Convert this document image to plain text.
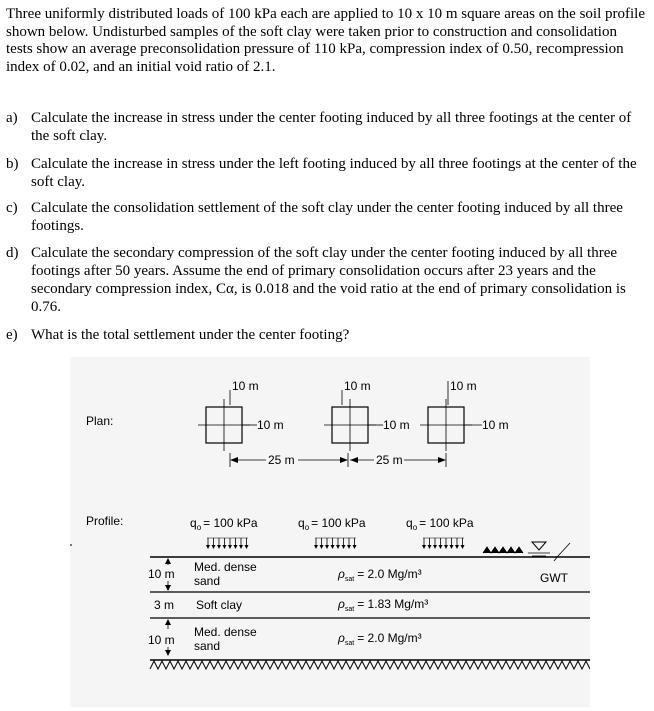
Three uniformly distributed loads of 100 kPa each are applied to 10 x 10 m square areas on the soil profile shown below. Undisturbed samples of the soft clay were taken prior to construction and consolidation tests show an average preconsolidation pressure of 110 kPa, compression index of 0.50, recompression index of 0.02, and an initial void ratio of 2.1.
a) Calculate the increase in stress under the center footing induced by all three footings at the center of the soft clay.
b) Calculate the increase in stress under the left footing induced by all three footings at the center of the soft clay.
c) Calculate the consolidation settlement of the soft clay under the center footing induced by all three footings.
d) Calculate the secondary compression of the soft clay under the center footing induced by all three footings after 50 years. Assume the end of primary consolidation occurs after 23 years and the secondary compression index, Cα, is 0.018 and the void ratio at the end of primary consolidation is 0.76.
e) What is the total settlement under the center footing?
Plan:
10 m
10 m
10 m
10 m
10 m
10 m
25 m	25 m
Profile:	$q_o = 100$ kPa	$q_o = 100$ kPa	$q_o = 100$ kPa
GWT
10 m
3 m
10 m
Med. dense
sand
Soft clay
Med. dense
sand
$\rho_{sat} = 2.0$ Mg/m³
$\rho_{sat} = 1.83$ Mg/m³
$\rho_{sat} = 2.0$ Mg/m³
